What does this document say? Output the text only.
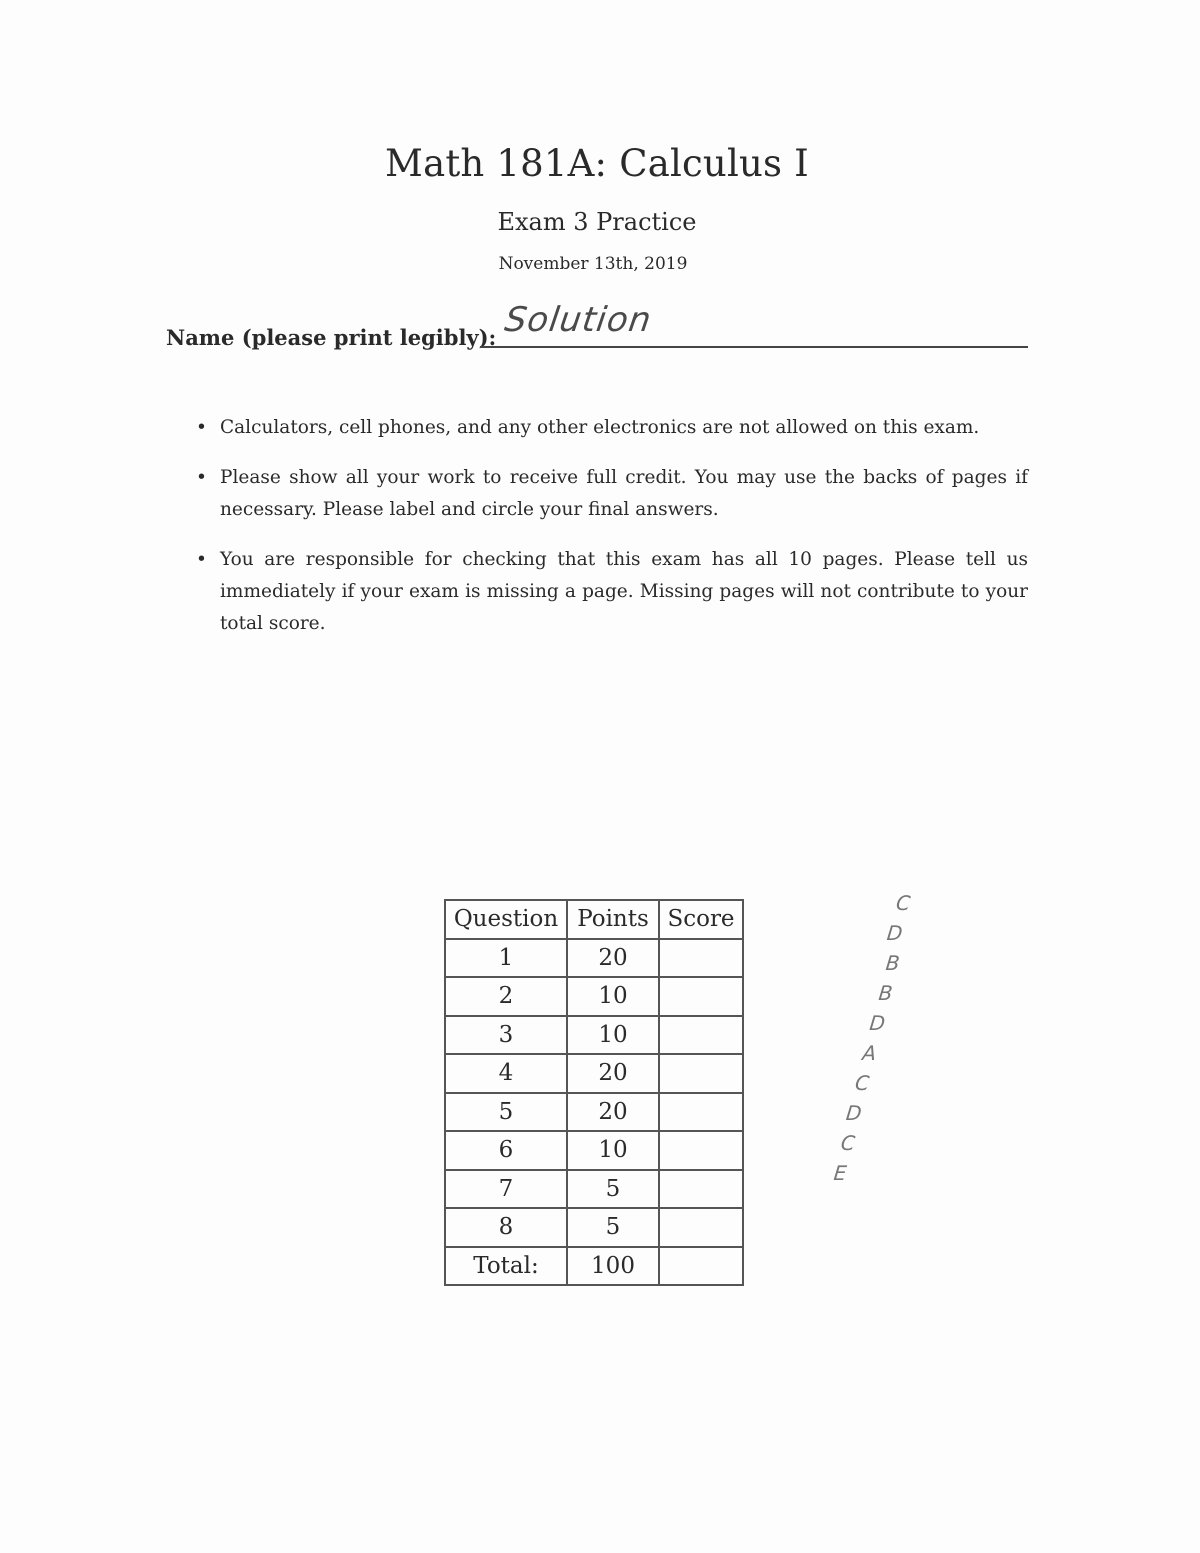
Math 181A: Calculus I
Exam 3 Practice
November 13th, 2019
Name (please print legibly): Solution
• Calculators, cell phones, and any other electronics are not allowed on this exam.
• Please show all your work to receive full credit. You may use the backs of pages if necessary. Please label and circle your final answers.
• You are responsible for checking that this exam has all 10 pages. Please tell us immediately if your exam is missing a page. Missing pages will not contribute to your total score.
Question	Points	Score
1	20	
2	10	
3	10	
4	20	
5	20	
6	10	
7	5	
8	5	
Total:	100	
C
D
B
B
D
A
C
D
C
E
